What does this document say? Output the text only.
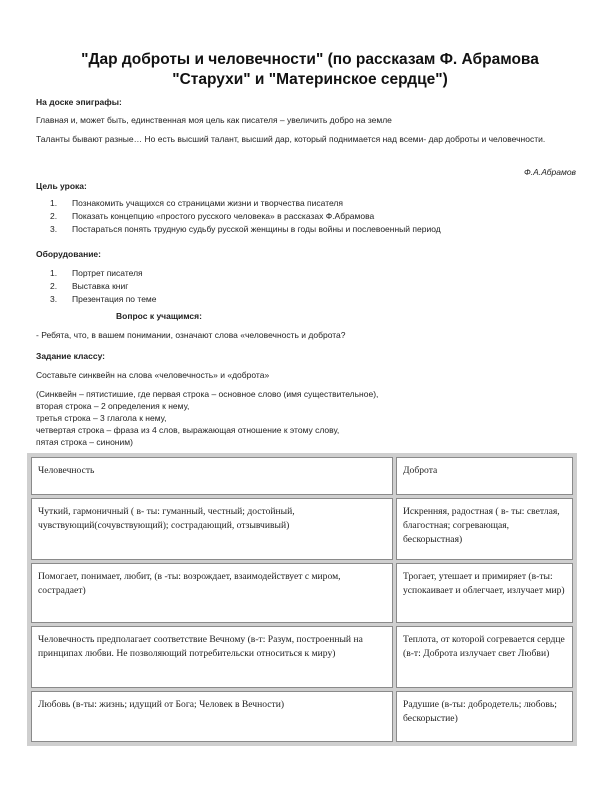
"Дар доброты и человечности" (по рассказам Ф. Абрамова "Старухи" и "Материнское сердце")
На доске эпиграфы:
Главная и, может быть, единственная моя цель как писателя – увеличить добро на земле
Таланты бывают разные… Но есть высший талант, высший дар, который поднимается над всеми- дар доброты и человечности.
Ф.А.Абрамов
Цель урока:
1. Познакомить учащихся со страницами жизни и творчества писателя
2. Показать концепцию «простого русского человека» в рассказах Ф.Абрамова
3. Постараться понять трудную судьбу русской женщины в годы войны и послевоенный период
Оборудование:
1. Портрет писателя
2. Выставка книг
3. Презентация по теме
Вопрос к учащимся:
- Ребята, что, в вашем понимании, означают слова «человечность и доброта?
Задание классу:
Составьте синквейн на слова «человечность» и «доброта»
(Синквейн – пятистишие, где первая строка – основное слово (имя существительное),
вторая строка – 2 определения к нему,
третья строка – 3 глагола к нему,
четвертая строка – фраза из 4 слов, выражающая отношение к этому слову,
пятая строка – синоним)
Человечность	Доброта
Чуткий, гармоничный ( в- ты: гуманный, честный; достойный, чувствующий(сочувствующий); сострадающий, отзывчивый)
Искренняя, радостная ( в- ты: светлая, благостная; согревающая, бескорыстная)
Помогает, понимает, любит, (в -ты: возрождает, взаимодействует с миром, сострадает)
Трогает, утешает и примиряет (в-ты: успокаивает и облегчает, излучает мир)
Человечность предполагает соответствие Вечному (в-т: Разум, построенный на принципах любви. Не позволяющий потребительски относиться к миру)
Теплота, от которой согревается сердце (в-т: Доброта излучает свет Любви)
Любовь (в-ты: жизнь; идущий от Бога; Человек в Вечности)	Радушие (в-ты: добродетель; любовь; бескорыстие)
